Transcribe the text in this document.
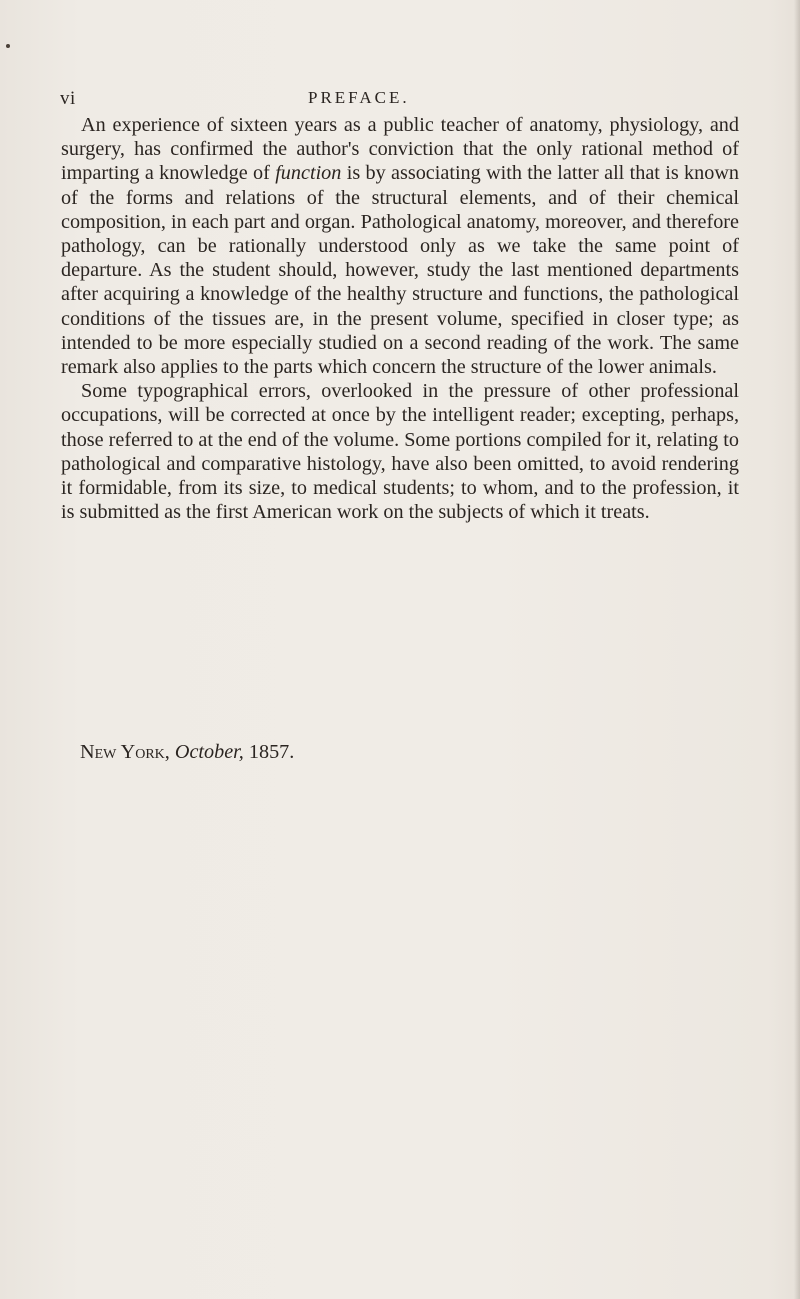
vi	PREFACE.

An experience of sixteen years as a public teacher of anatomy, physiology, and surgery, has confirmed the author's conviction that the only rational method of imparting a knowledge of function is by associating with the latter all that is known of the forms and relations of the structural elements, and of their chemical composition, in each part and organ. Pathological anatomy, moreover, and therefore pathology, can be rationally understood only as we take the same point of departure. As the student should, however, study the last mentioned departments after acquiring a knowledge of the healthy structure and functions, the pathological conditions of the tissues are, in the present volume, specified in closer type; as intended to be more especially studied on a second reading of the work. The same remark also applies to the parts which concern the structure of the lower animals.

Some typographical errors, overlooked in the pressure of other professional occupations, will be corrected at once by the intelligent reader; excepting, perhaps, those referred to at the end of the volume. Some portions compiled for it, relating to pathological and comparative histology, have also been omitted, to avoid rendering it formidable, from its size, to medical students; to whom, and to the profession, it is submitted as the first American work on the subjects of which it treats.

New York, October, 1857.
